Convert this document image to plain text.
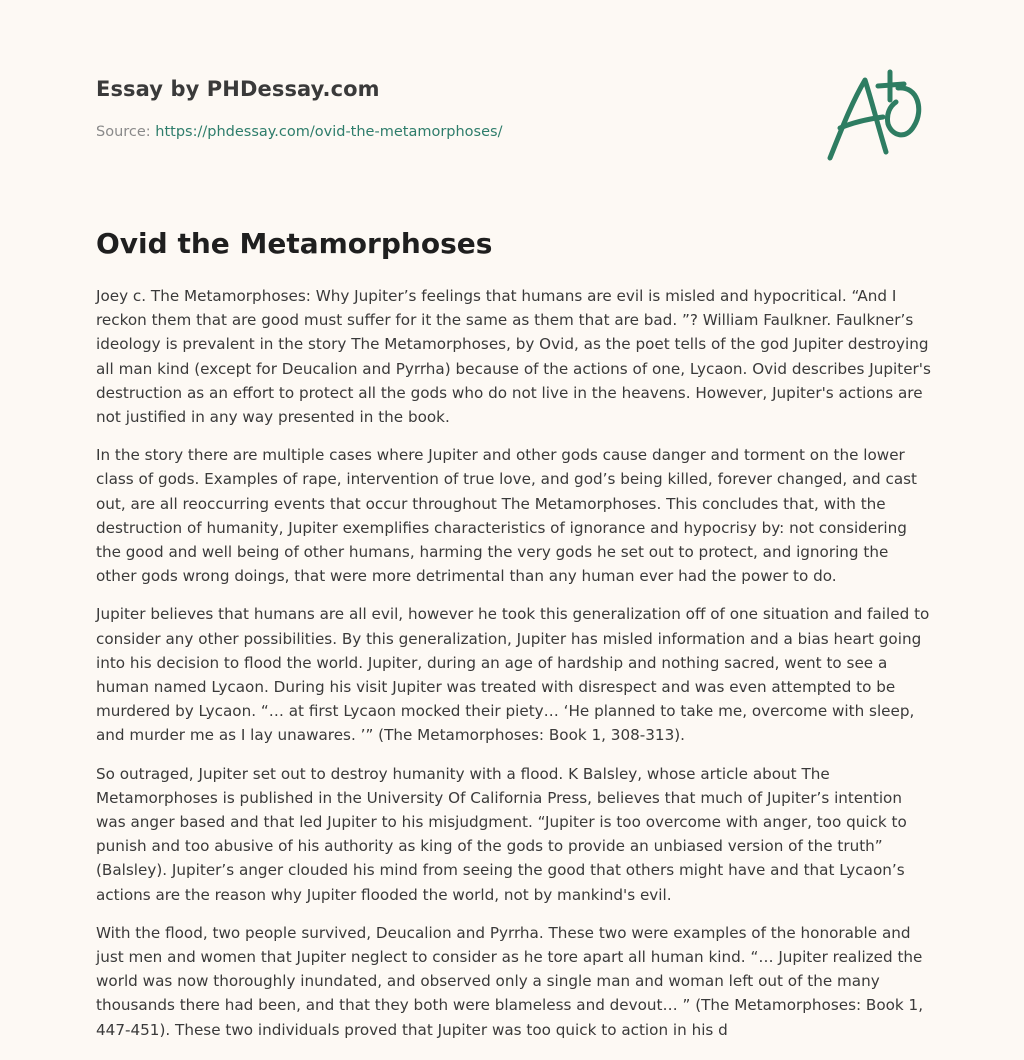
Essay by PHDessay.com
Source: https://phdessay.com/ovid-the-metamorphoses/
Ovid the Metamorphoses

Joey c. The Metamorphoses: Why Jupiter’s feelings that humans are evil is misled and hypocritical. “And I reckon them that are good must suffer for it the same as them that are bad. ”? William Faulkner. Faulkner’s ideology is prevalent in the story The Metamorphoses, by Ovid, as the poet tells of the god Jupiter destroying all man kind (except for Deucalion and Pyrrha) because of the actions of one, Lycaon. Ovid describes Jupiter's destruction as an effort to protect all the gods who do not live in the heavens. However, Jupiter's actions are not justified in any way presented in the book.

In the story there are multiple cases where Jupiter and other gods cause danger and torment on the lower class of gods. Examples of rape, intervention of true love, and god’s being killed, forever changed, and cast out, are all reoccurring events that occur throughout The Metamorphoses. This concludes that, with the destruction of humanity, Jupiter exemplifies characteristics of ignorance and hypocrisy by: not considering the good and well being of other humans, harming the very gods he set out to protect, and ignoring the other gods wrong doings, that were more detrimental than any human ever had the power to do.

Jupiter believes that humans are all evil, however he took this generalization off of one situation and failed to consider any other possibilities. By this generalization, Jupiter has misled information and a bias heart going into his decision to flood the world. Jupiter, during an age of hardship and nothing sacred, went to see a human named Lycaon. During his visit Jupiter was treated with disrespect and was even attempted to be murdered by Lycaon. “… at first Lycaon mocked their piety… ‘He planned to take me, overcome with sleep, and murder me as I lay unawares. ’” (The Metamorphoses: Book 1, 308-313).

So outraged, Jupiter set out to destroy humanity with a flood. K Balsley, whose article about The Metamorphoses is published in the University Of California Press, believes that much of Jupiter’s intention was anger based and that led Jupiter to his misjudgment. “Jupiter is too overcome with anger, too quick to punish and too abusive of his authority as king of the gods to provide an unbiased version of the truth” (Balsley). Jupiter’s anger clouded his mind from seeing the good that others might have and that Lycaon’s actions are the reason why Jupiter flooded the world, not by mankind's evil.

With the flood, two people survived, Deucalion and Pyrrha. These two were examples of the honorable and just men and women that Jupiter neglect to consider as he tore apart all human kind. “… Jupiter realized the world was now thoroughly inundated, and observed only a single man and woman left out of the many thousands there had been, and that they both were blameless and devout… ” (The Metamorphoses: Book 1, 447-451). These two individuals proved that Jupiter was too quick to action in his d
